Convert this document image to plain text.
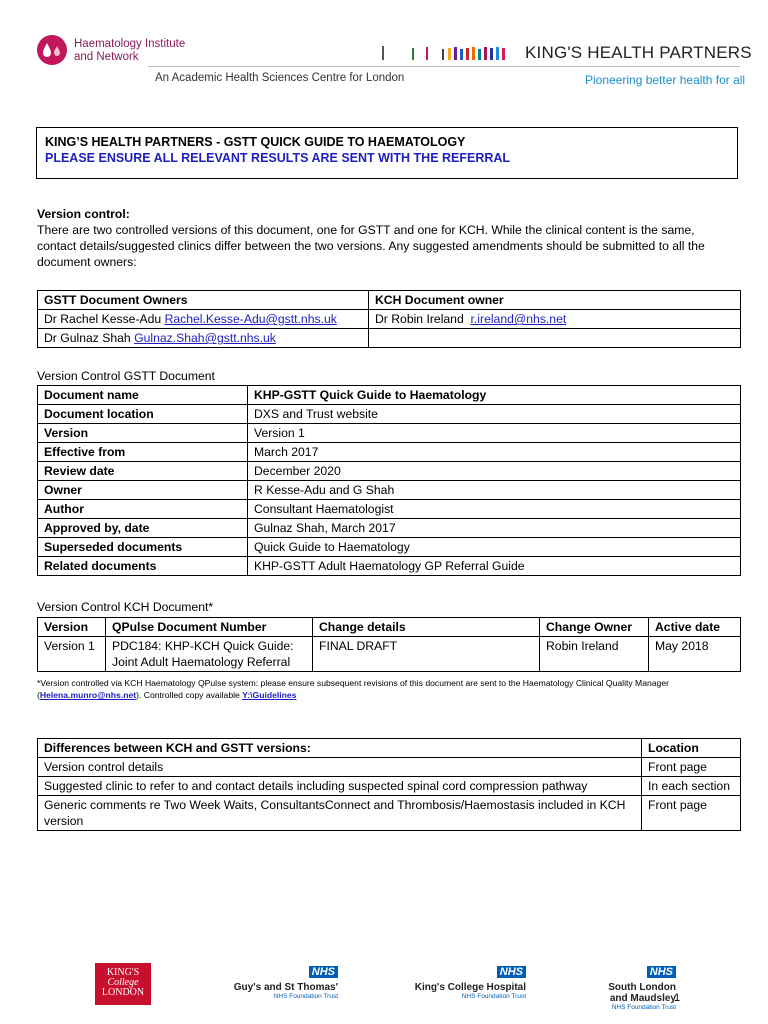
Haematology Institute
and Network
An Academic Health Sciences Centre for London
KING'S HEALTH PARTNERS
Pioneering better health for all
KING’S HEALTH PARTNERS - GSTT QUICK GUIDE TO HAEMATOLOGY
PLEASE ENSURE ALL RELEVANT RESULTS ARE SENT WITH THE REFERRAL
Version control:
There are two controlled versions of this document, one for GSTT and one for KCH. While the clinical content is the same, contact details/suggested clinics differ between the two versions. Any suggested amendments should be submitted to all the document owners:
GSTT Document Owners	KCH Document owner
Dr Rachel Kesse-Adu Rachel.Kesse-Adu@gstt.nhs.uk	Dr Robin Ireland r.ireland@nhs.net
Dr Gulnaz Shah Gulnaz.Shah@gstt.nhs.uk	
Version Control GSTT Document
Document name	KHP-GSTT Quick Guide to Haematology
Document location	DXS and Trust website
Version	Version 1
Effective from	March 2017
Review date	December 2020
Owner	R Kesse-Adu and G Shah
Author	Consultant Haematologist
Approved by, date	Gulnaz Shah, March 2017
Superseded documents	Quick Guide to Haematology
Related documents	KHP-GSTT Adult Haematology GP Referral Guide
Version Control KCH Document*
Version	QPulse Document Number	Change details	Change Owner	Active date
Version 1	PDC184: KHP-KCH Quick Guide: Joint Adult Haematology Referral	FINAL DRAFT	Robin Ireland	May 2018
*Version controlled via KCH Haematology QPulse system: please ensure subsequent revisions of this document are sent to the Haematology Clinical Quality Manager (Helena.munro@nhs.net). Controlled copy available Y:\Guidelines
Differences between KCH and GSTT versions:	Location
Version control details	Front page
Suggested clinic to refer to and contact details including suspected spinal cord compression pathway	In each section
Generic comments re Two Week Waits, ConsultantsConnect and Thrombosis/Haemostasis included in KCH version	Front page
KING'S
College
LONDON
NHS
Guy's and St Thomas'
NHS Foundation Trust
NHS
King's College Hospital
NHS Foundation Trust
NHS
South London
and Maudsley
NHS Foundation Trust
1
